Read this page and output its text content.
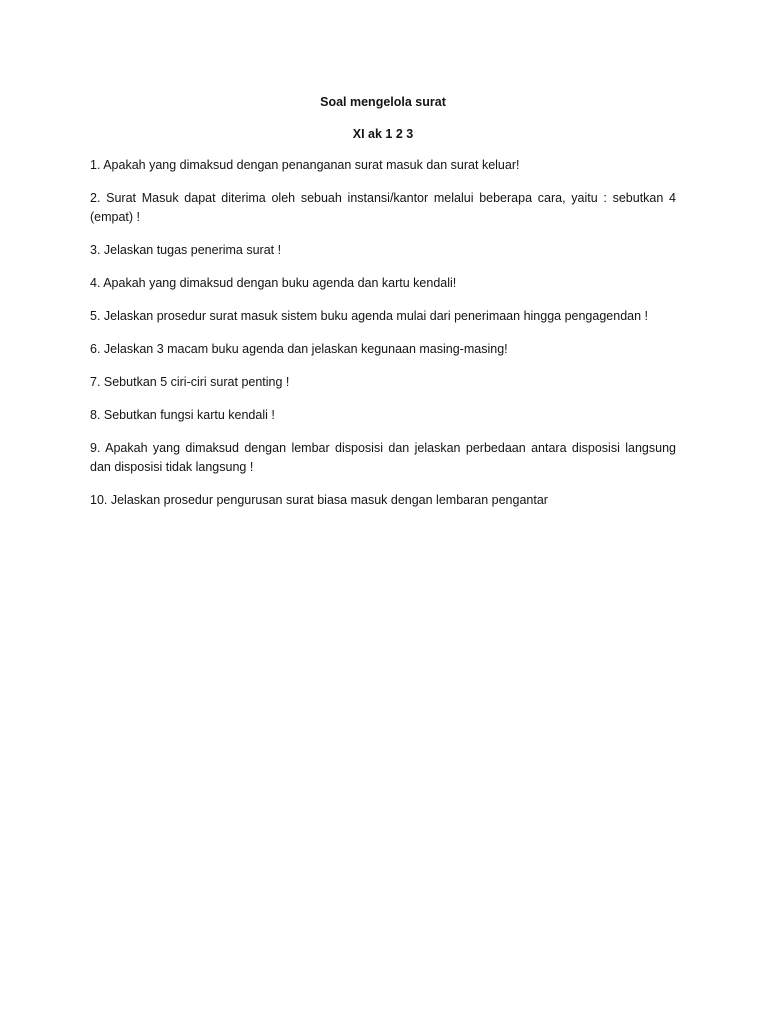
Soal mengelola surat

XI ak 1 2 3

1. Apakah yang dimaksud dengan penanganan surat masuk dan surat keluar!
2. Surat Masuk dapat diterima oleh sebuah instansi/kantor melalui beberapa cara, yaitu : sebutkan 4 (empat) !
3. Jelaskan tugas penerima surat !
4. Apakah yang dimaksud dengan buku agenda dan kartu kendali!
5. Jelaskan prosedur surat masuk sistem buku agenda mulai dari penerimaan hingga pengagendan !
6. Jelaskan 3 macam buku agenda dan jelaskan kegunaan masing-masing!
7. Sebutkan 5 ciri-ciri surat penting !
8. Sebutkan fungsi kartu kendali !
9. Apakah yang dimaksud dengan lembar disposisi dan jelaskan perbedaan antara disposisi langsung dan disposisi tidak langsung !
10. Jelaskan prosedur pengurusan surat biasa masuk dengan lembaran pengantar
